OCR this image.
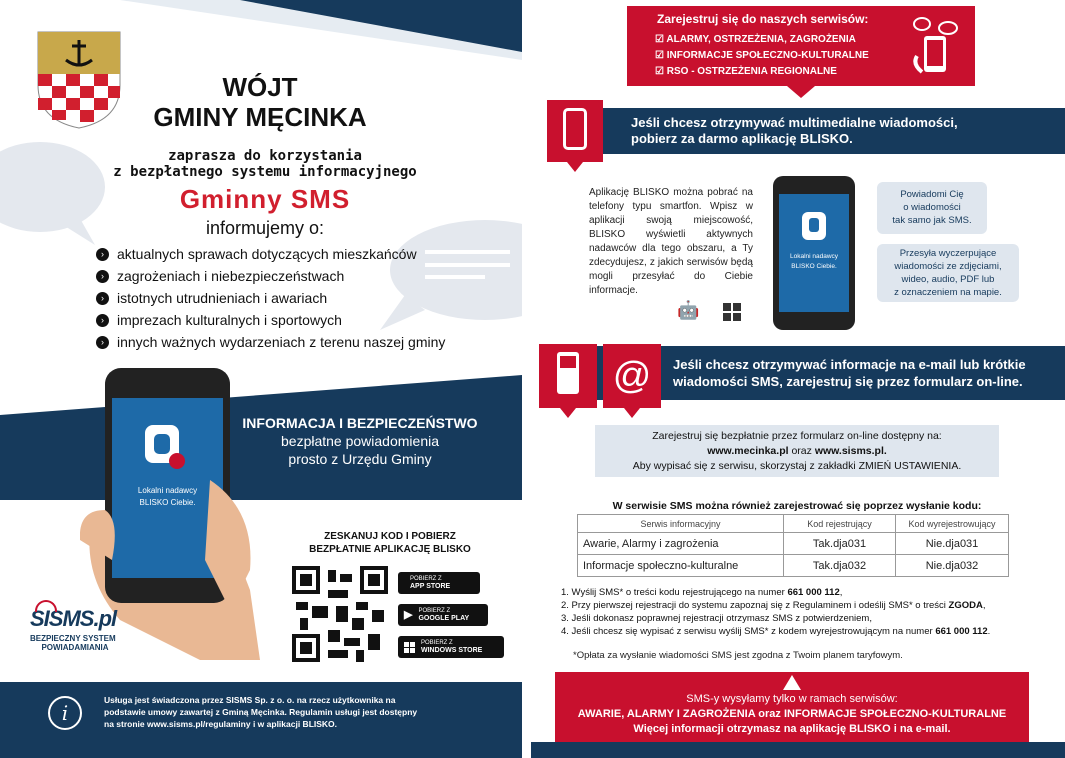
WÓJT
GMINY MĘCINKA
zaprasza do korzystania
z bezpłatnego systemu informacyjnego
Gminny SMS
informujemy o:
› aktualnych sprawach dotyczących mieszkańców
› zagrożeniach i niebezpieczeństwach
› istotnych utrudnieniach i awariach
› imprezach kulturalnych i sportowych
› innych ważnych wydarzeniach z terenu naszej gminy
INFORMACJA I BEZPIECZEŃSTWO
bezpłatne powiadomienia
prosto z Urzędu Gminy
Lokalni nadawcy
BLISKO Ciebie.
ZESKANUJ KOD I POBIERZ
BEZPŁATNIE APLIKACJĘ BLISKO
POBIERZ Z
APP STORE
▶ POBIERZ Z
GOOGLE PLAY
POBIERZ Z
WINDOWS STORE
SISMS.pl
BEZPIECZNY SYSTEM
POWIADAMIANIA
i
Usługa jest świadczona przez SISMS Sp. z o. o. na rzecz użytkownika na
podstawie umowy zawartej z Gminą Męcinka. Regulamin usługi jest dostępny
na stronie www.sisms.pl/regulaminy i w aplikacji BLISKO.
Zarejestruj się do naszych serwisów:
☑ ALARMY, OSTRZEŻENIA, ZAGROŻENIA
☑ INFORMACJE SPOŁECZNO-KULTURALNE
☑ RSO - OSTRZEŻENIA REGIONALNE
Jeśli chcesz otrzymywać multimedialne wiadomości,
pobierz za darmo aplikację BLISKO.
Aplikację BLISKO można pobrać na telefony typu smartfon. Wpisz w aplikacji swoją miejscowość, BLISKO wyświetli aktywnych nadawców dla tego obszaru, a Ty zdecydujesz, z jakich serwisów będą mogli przesyłać do Ciebie informacje.
🤖
Lokalni nadawcy
BLISKO Ciebie.
Powiadomi Cię
o wiadomości
tak samo jak SMS.
Przesyła wyczerpujące
wiadomości ze zdjęciami,
wideo, audio, PDF lub
z oznaczeniem na mapie.
Jeśli chcesz otrzymywać informacje na e-mail lub krótkie
wiadomości SMS, zarejestruj się przez formularz on-line.
@
Zarejestruj się bezpłatnie przez formularz on-line dostępny na:
www.mecinka.pl oraz www.sisms.pl.
Aby wypisać się z serwisu, skorzystaj z zakładki ZMIEŃ USTAWIENIA.
W serwisie SMS można również zarejestrować się poprzez wysłanie kodu:
Serwis informacyjny	Kod rejestrujący	Kod wyrejestrowujący
Awarie, Alarmy i zagrożenia	Tak.dja031	Nie.dja031
Informacje społeczno-kulturalne	Tak.dja032	Nie.dja032
1. Wyślij SMS* o treści kodu rejestrującego na numer 661 000 112,
2. Przy pierwszej rejestracji do systemu zapoznaj się z Regulaminem i odeślij SMS* o treści ZGODA,
3. Jeśli dokonasz poprawnej rejestracji otrzymasz SMS z potwierdzeniem,
4. Jeśli chcesz się wypisać z serwisu wyślij SMS* z kodem wyrejestrowującym na numer 661 000 112.
*Opłata za wysłanie wiadomości SMS jest zgodna z Twoim planem taryfowym.
SMS-y wysyłamy tylko w ramach serwisów:
AWARIE, ALARMY I ZAGROŻENIA oraz INFORMACJE SPOŁECZNO-KULTURALNE
Więcej informacji otrzymasz na aplikację BLISKO i na e-mail.
